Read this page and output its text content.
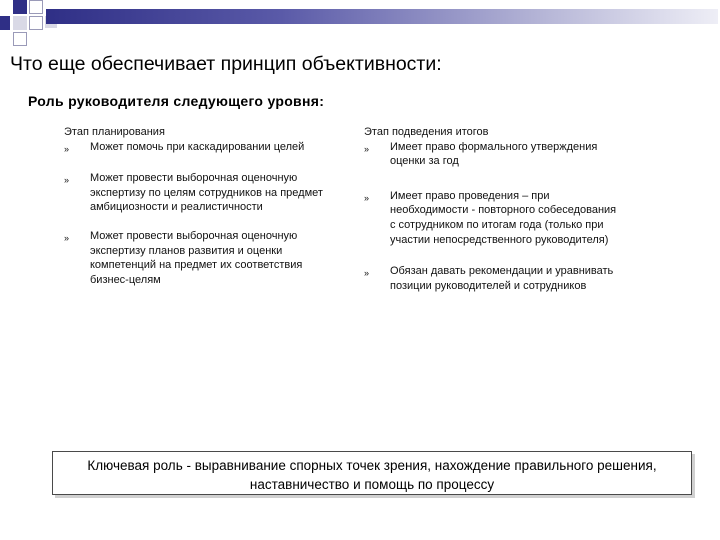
Что еще обеспечивает принцип объективности:
Роль руководителя следующего уровня:
Этап планирования
» Может помочь при каскадировании целей
» Может провести выборочная оценочную экспертизу по целям сотрудников на предмет амбициозности и реалистичности
» Может провести выборочная оценочную экспертизу планов развития и оценки компетенций на предмет их соответствия бизнес-целям
Этап подведения итогов
» Имеет право формального утверждения оценки за год
» Имеет право проведения – при необходимости - повторного собеседования с сотрудником по итогам года (только при участии непосредственного руководителя)
» Обязан давать рекомендации и уравнивать позиции руководителей и сотрудников
Ключевая роль - выравнивание спорных точек зрения, нахождение правильного решения, наставничество и помощь по процессу
